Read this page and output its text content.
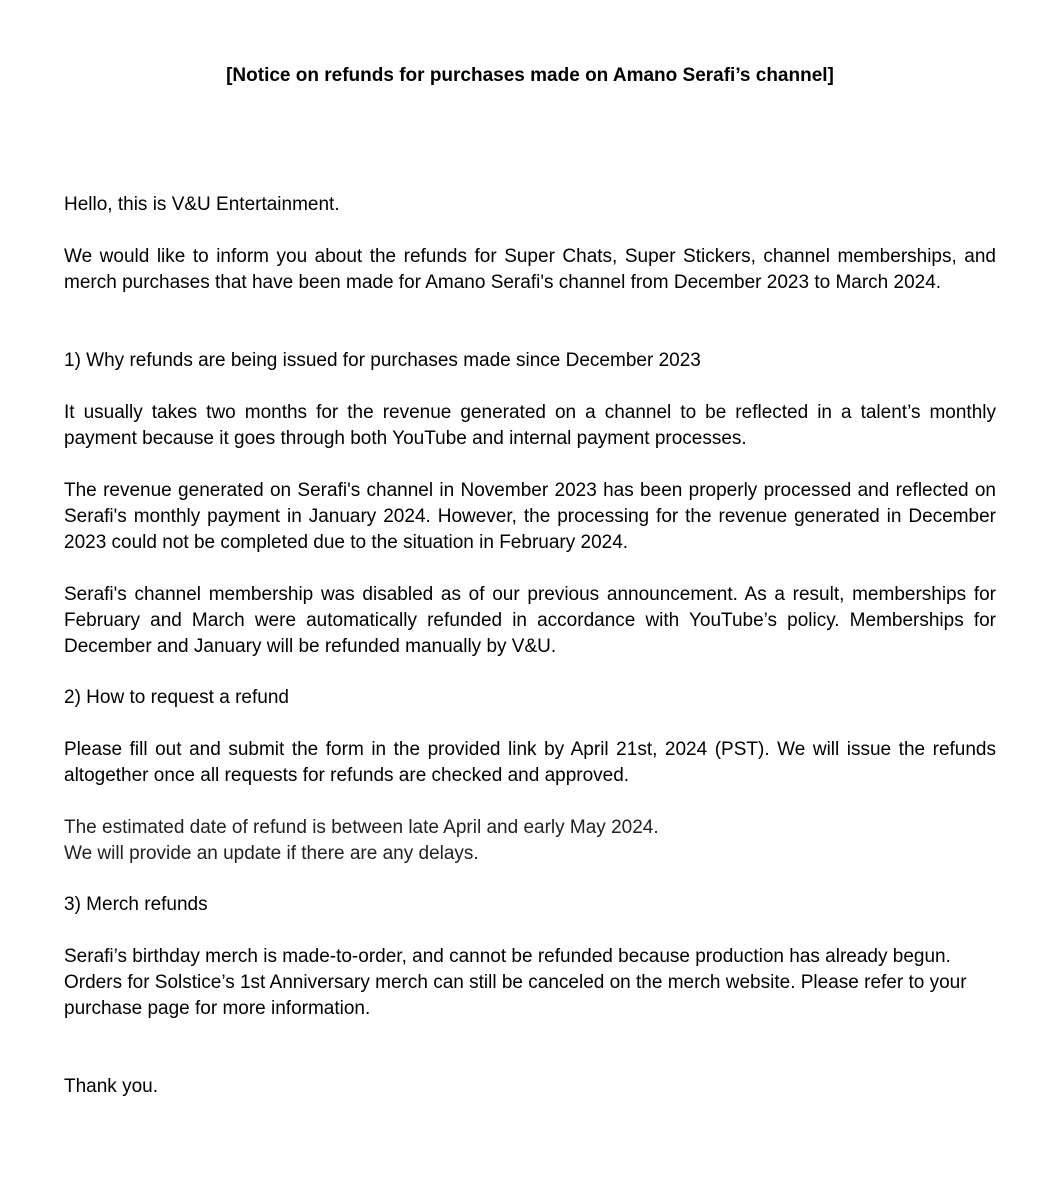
[Notice on refunds for purchases made on Amano Serafi’s channel]

Hello, this is V&U Entertainment.

We would like to inform you about the refunds for Super Chats, Super Stickers, channel memberships, and merch purchases that have been made for Amano Serafi's channel from December 2023 to March 2024.

1) Why refunds are being issued for purchases made since December 2023

It usually takes two months for the revenue generated on a channel to be reflected in a talent’s monthly payment because it goes through both YouTube and internal payment processes.

The revenue generated on Serafi's channel in November 2023 has been properly processed and reflected on Serafi's monthly payment in January 2024. However, the processing for the revenue generated in December 2023 could not be completed due to the situation in February 2024.

Serafi's channel membership was disabled as of our previous announcement. As a result, memberships for February and March were automatically refunded in accordance with YouTube’s policy. Memberships for December and January will be refunded manually by V&U.

2) How to request a refund

Please fill out and submit the form in the provided link by April 21st, 2024 (PST). We will issue the refunds altogether once all requests for refunds are checked and approved.

The estimated date of refund is between late April and early May 2024.
We will provide an update if there are any delays.

3) Merch refunds

Serafi’s birthday merch is made-to-order, and cannot be refunded because production has already begun. Orders for Solstice’s 1st Anniversary merch can still be canceled on the merch website. Please refer to your purchase page for more information.

Thank you.
